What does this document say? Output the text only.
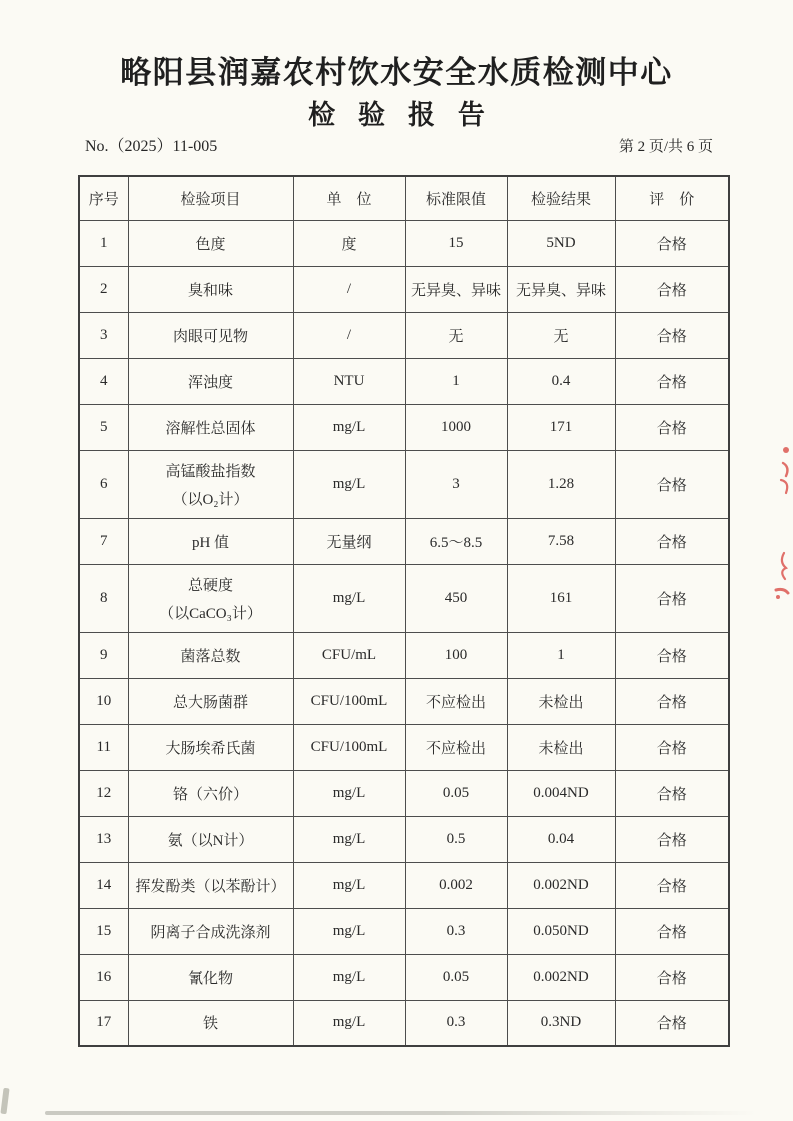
略阳县润嘉农村饮水安全水质检测中心
检验报告
No.（2025）11-005	第 2 页/共 6 页
序号	检验项目	单　位	标准限值	检验结果	评　价
1	色度	度	15	5ND	合格
2	臭和味	/	无异臭、异味	无异臭、异味	合格
3	肉眼可见物	/	无	无	合格
4	浑浊度	NTU	1	0.4	合格
5	溶解性总固体	mg/L	1000	171	合格
6	高锰酸盐指数
（以O₂计）	mg/L	3	1.28	合格
7	pH 值	无量纲	6.5～8.5	7.58	合格
8	总硬度
（以CaCO₃计）	mg/L	450	161	合格
9	菌落总数	CFU/mL	100	1	合格
10	总大肠菌群	CFU/100mL	不应检出	未检出	合格
11	大肠埃希氏菌	CFU/100mL	不应检出	未检出	合格
12	铬（六价）	mg/L	0.05	0.004ND	合格
13	氨（以N计）	mg/L	0.5	0.04	合格
14	挥发酚类（以苯酚计）	mg/L	0.002	0.002ND	合格
15	阴离子合成洗涤剂	mg/L	0.3	0.050ND	合格
16	氰化物	mg/L	0.05	0.002ND	合格
17	铁	mg/L	0.3	0.3ND	合格
